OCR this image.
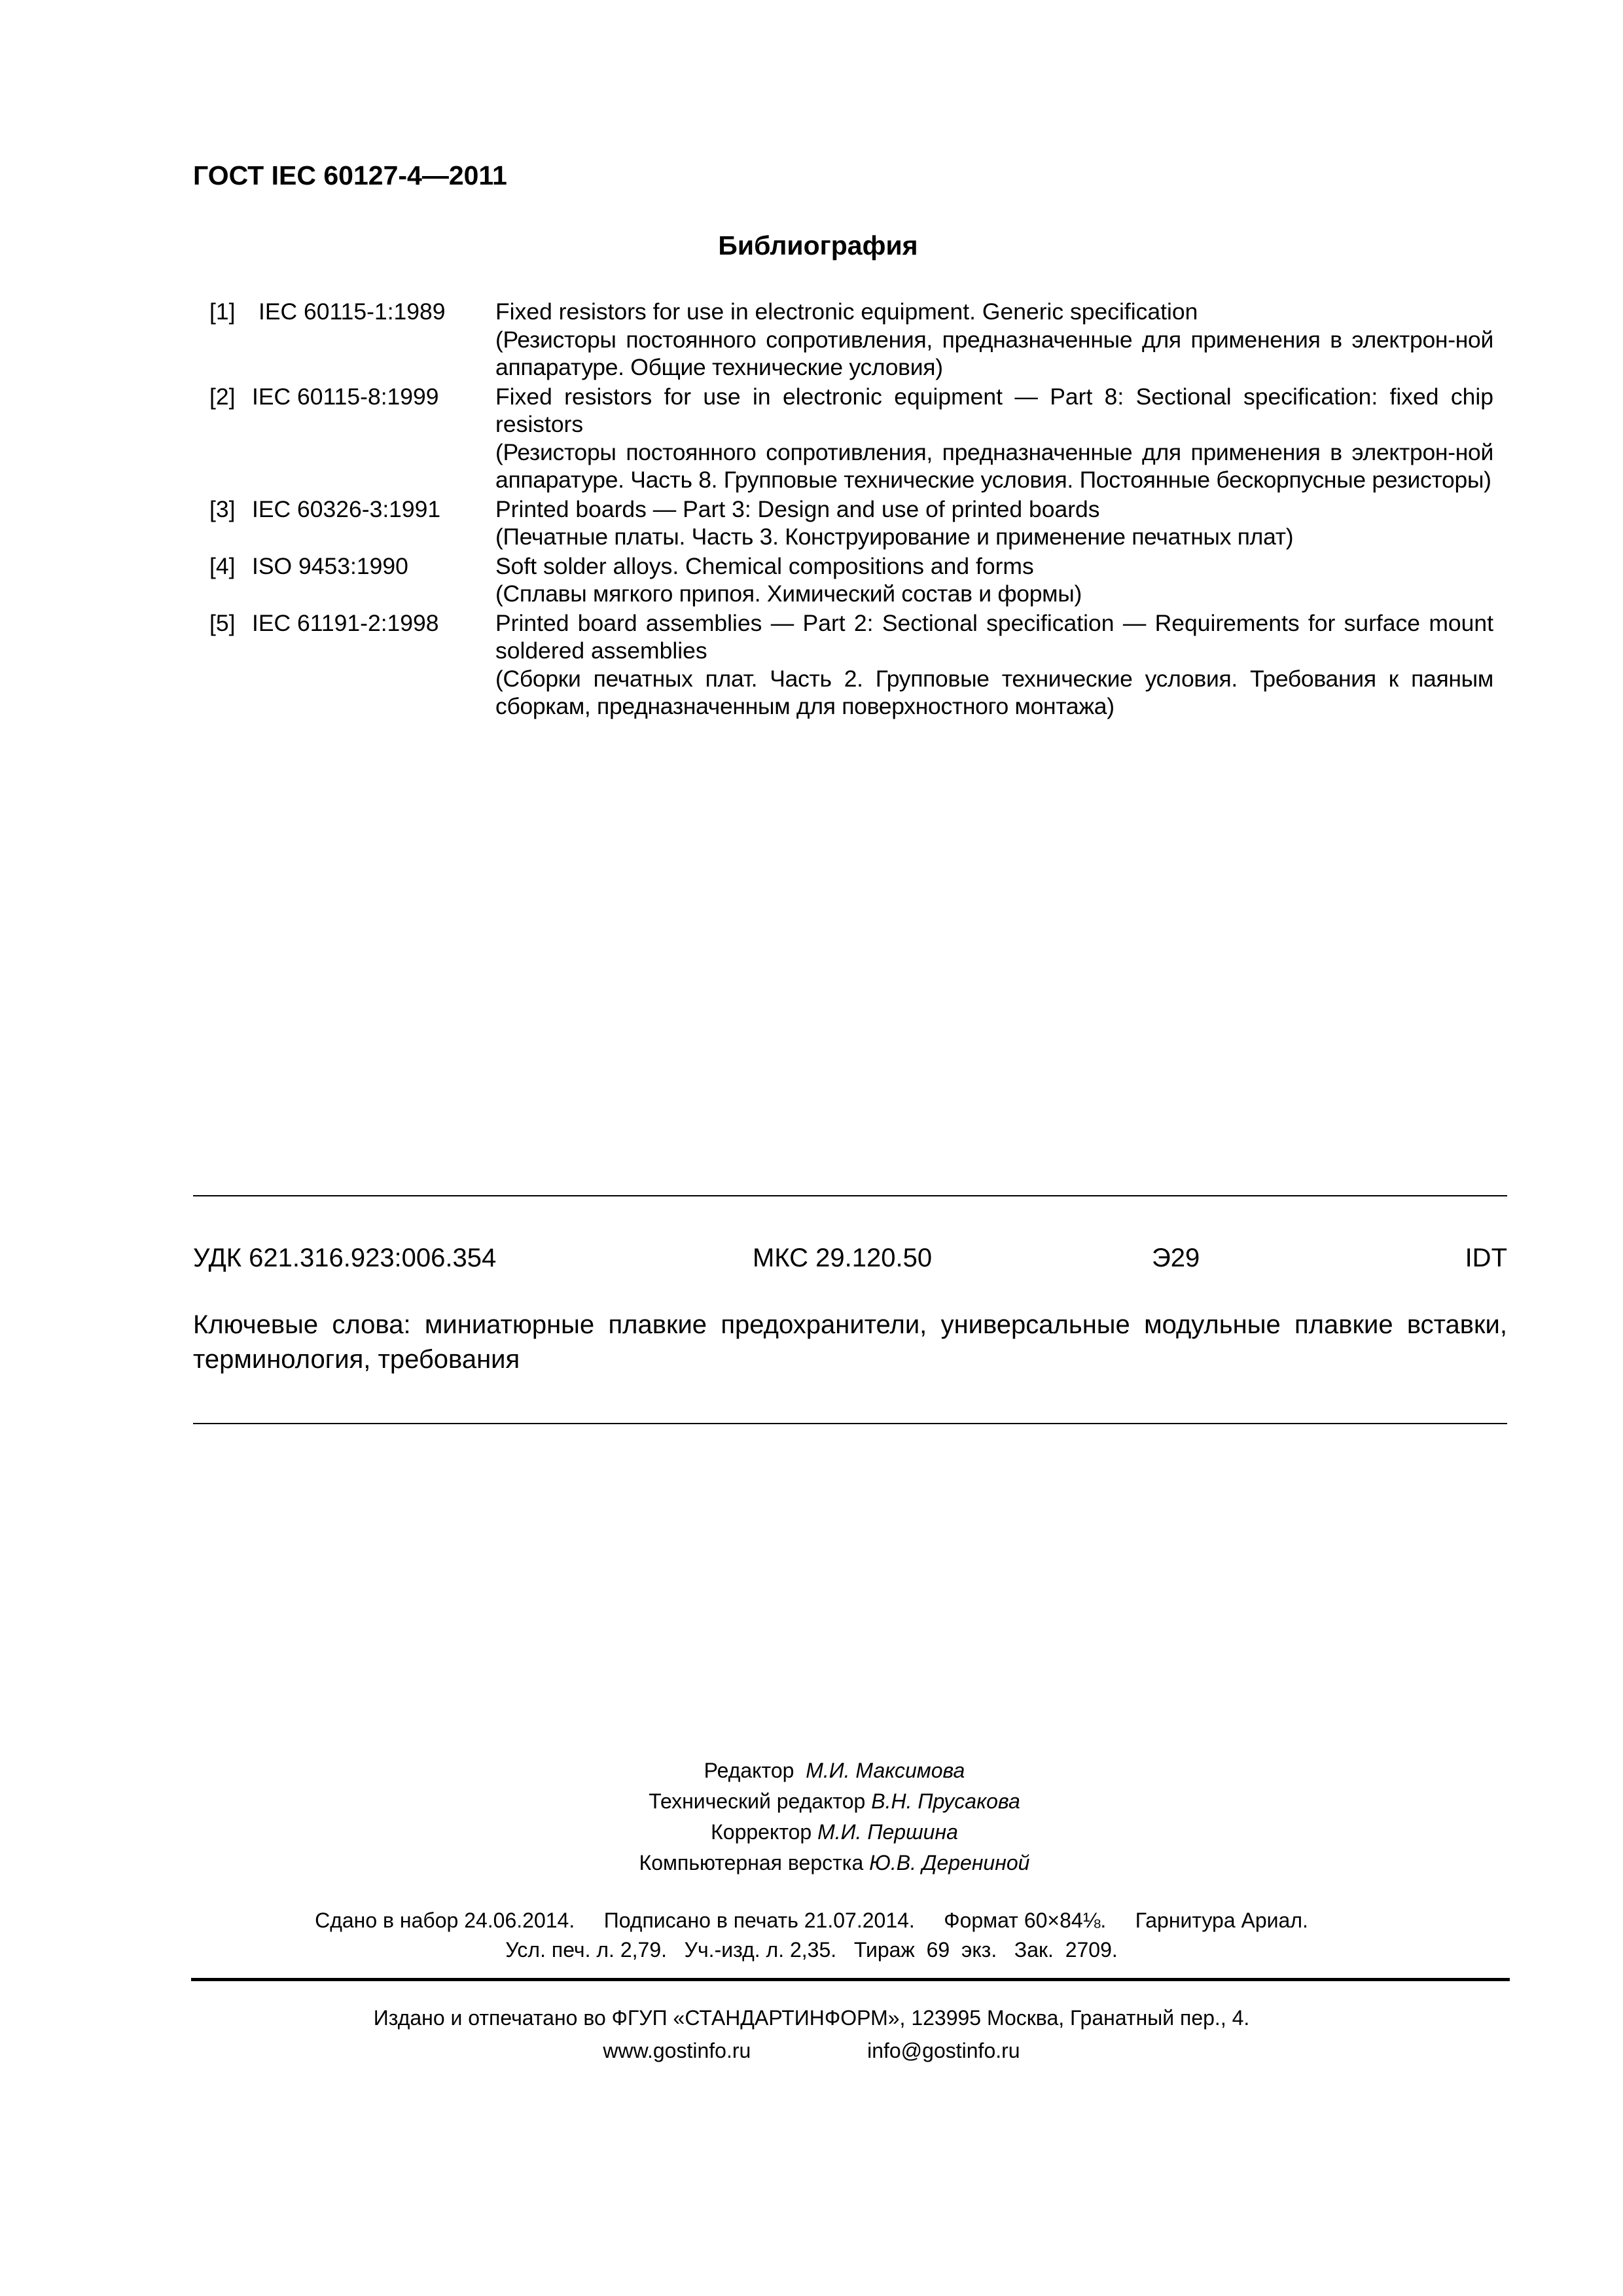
ГОСТ IEC 60127-4—2011
Библиография
[1] IEC 60115-1:1989 Fixed resistors for use in electronic equipment. Generic specification

(Резисторы постоянного сопротивления, предназначенные для применения в электрон-ной аппаратуре. Общие технические условия)

[2] IEC 60115-8:1999 Fixed resistors for use in electronic equipment — Part 8: Sectional specification: fixed chip resistors

(Резисторы постоянного сопротивления, предназначенные для применения в электрон-ной аппаратуре. Часть 8. Групповые технические условия. Постоянные бескорпусные резисторы)

[3] IEC 60326-3:1991 Printed boards — Part 3: Design and use of printed boards

(Печатные платы. Часть 3. Конструирование и применение печатных плат)

[4] ISO 9453:1990	Soft solder alloys. Chemical compositions and forms

(Сплавы мягкого припоя. Химический состав и формы)

[5] IEC 61191-2:1998 Printed board assemblies — Part 2: Sectional specification — Requirements for surface mount soldered assemblies

(Сборки печатных плат. Часть 2. Групповые технические условия. Требования к паяным сборкам, предназначенным для поверхностного монтажа)

УДК 621.316.923:006.354	МКС 29.120.50	Э29	IDT
Ключевые слова: миниатюрные плавкие предохранители, универсальные модульные плавкие вставки, терминология, требования
Редактор М.И. Максимова
Технический редактор В.Н. Прусакова
Корректор М.И. Першина
Компьютерная верстка Ю.В. Дерениной
Сдано в набор 24.06.2014.     Подписано в печать 21.07.2014.     Формат 60×84⅛.     Гарнитура Ариал.
Усл. печ. л. 2,79.   Уч.-изд. л. 2,35.   Тираж  69  экз.   Зак.  2709.
Издано и отпечатано во ФГУП «СТАНДАРТИНФОРМ», 123995 Москва, Гранатный пер., 4.
www.gostinfo.ru	info@gostinfo.ru
